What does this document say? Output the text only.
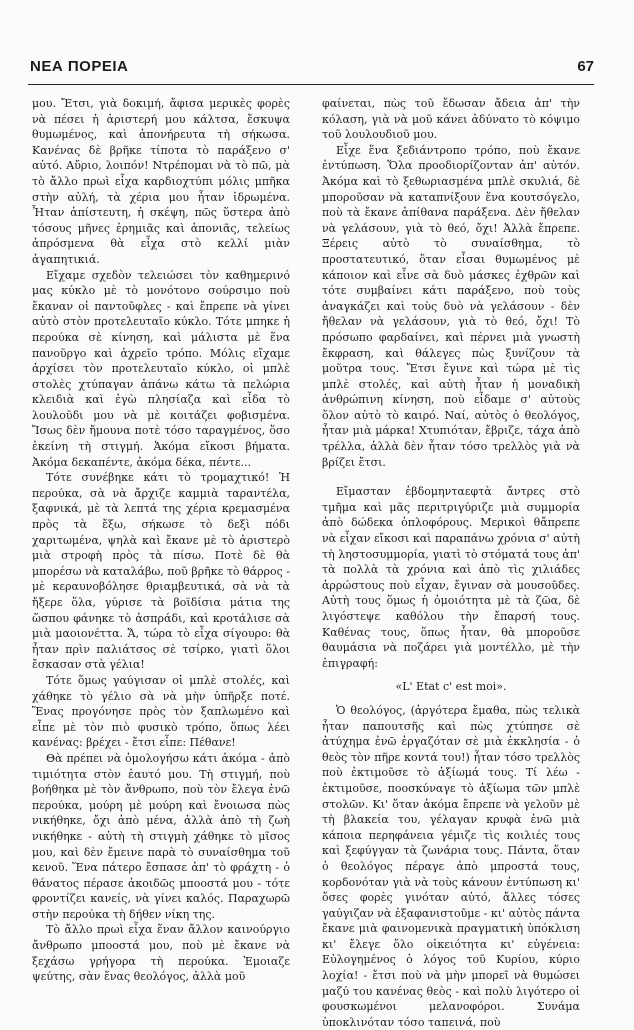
ΝΕΑ ΠΟΡΕΙΑ	67

μου. Ἔτσι, γιὰ δοκιμή, ἄφισα μερικὲς φορὲς νὰ πέσει ἡ ἀριστερή μου κάλτσα, ἔσκυψα θυμωμένος, καὶ ἀπονήρευτα τὴ σήκωσα. Κανένας δὲ βρῆκε τίποτα τὸ παράξενο σ' αὐτό. Αὔριο, λοιπόν! Ντρέπομαι νὰ τὸ πῶ, μὰ τὸ ἄλλο πρωὶ εἶχα καρδιοχτύπι μόλις μπῆκα στὴν αὐλή, τὰ χέρια μου ἦταν ἱδρωμένα. Ἦταν ἀπίστευτη, ἡ σκέψη, πῶς ὕστερα ἀπὸ τόσους μῆνες ἐρημιᾶς καὶ ἀπονιᾶς, τελείως ἀπρόσμενα θὰ εἶχα στὸ κελλί μιὰν ἀγαπητικιά.

Εἴχαμε σχεδὸν τελειώσει τὸν καθημερινό μας κύκλο μὲ τὸ μονότονο σούρσιμο ποὺ ἔκαναν οἱ παντοῦφλες - καὶ ἔπρεπε νὰ γίνει αὐτὸ στὸν προτελευταῖο κύκλο. Τότε μπηκε ἡ περούκα σὲ κίνηση, καὶ μάλιστα μὲ ἕνα πανοῦργο καὶ ἀχρεῖο τρόπο. Μόλις εἴχαμε ἀρχίσει τὸν προτελευταῖο κύκλο, οἱ μπλὲ στολὲς χτύπαγαν ἀπάνω κάτω τὰ πελώρια κλειδιὰ καὶ ἐγὼ πλησίαζα καὶ εἶδα τὸ λουλοῦδι μου νὰ μὲ κοιτάζει φοβισμένα. Ἴσως δὲν ἤμουνα ποτὲ τόσο ταραγμένος, ὅσο ἐκείνη τὴ στιγμή. Ἀκόμα εἴκοσι βήματα. Ἀκόμα δεκαπέντε, ἀκόμα δέκα, πέντε...

Τότε συνέβηκε κάτι τὸ τρομαχτικό! Ἡ περούκα, σὰ νὰ ἄρχιζε καμμιὰ ταραντέλα, ξαφνικά, μὲ τὰ λεπτά της χέρια κρεμασμένα πρὸς τὰ ἔξω, σήκωσε τὸ δεξὶ πόδι χαριτωμένα, ψηλὰ καὶ ἔκανε μὲ τὸ ἀριστερὸ μιὰ στροφὴ πρὸς τὰ πίσω. Ποτὲ δὲ θὰ μπορέσω νὰ καταλάβω, ποῦ βρῆκε τὸ θάρρος - μὲ κεραυνοβόλησε θριαμβευτικά, σὰ νὰ τὰ ἤξερε ὅλα, γύρισε τὰ βοϊδίσια μάτια της ὥσπου φάνηκε τὸ ἀσπράδι, καὶ κροτάλισε σὰ μιὰ μαοιονέττα. Ἄ, τώρα τὸ εἶχα σίγουρο: θὰ ἦταν πρὶν παλιάτσος σὲ τσίρκο, γιατὶ ὅλοι ἔσκασαν στὰ γέλια!

Τότε ὅμως γαύγισαν οἱ μπλὲ στολές, καὶ χάθηκε τὸ γέλιο σὰ νὰ μὴν ὑπῆρξε ποτέ. Ἕνας προγόνησε πρὸς τὸν ξαπλωμένο καὶ εἶπε μὲ τὸν πιὸ φυσικὸ τρόπο, ὅπως λέει κανένας: βρέχει - ἔτσι εἶπε: Πέθανε!

Θὰ πρέπει νὰ ὁμολογήσω κάτι ἀκόμα - ἀπὸ τιμιότητα στὸν ἑαυτό μου. Τὴ στιγμή, ποὺ βοήθηκα μὲ τὸν ἄνθρωπο, ποὺ τὸν ἔλεγα ἐνῶ περούκα, μούρη μὲ μούρη καὶ ἔνοιωσα πὼς νικήθηκε, ὄχι ἀπὸ μένα, ἀλλὰ ἀπὸ τὴ ζωὴ νικήθηκε - αὐτὴ τὴ στιγμὴ χάθηκε τὸ μῖσος μου, καὶ δὲν ἔμεινε παρὰ τὸ συναίσθημα τοῦ κενοῦ. Ἕνα πάτερο ἔσπασε ἀπ' τὸ φράχτη - ὁ θάνατος πέρασε ἀκοιδῶς μποοστά μου - τότε φροντίζει κανείς, νὰ γίνει καλός. Παραχωρῶ στὴν περούκα τὴ δήθεν νίκη της.

Τὸ ἄλλο πρωὶ εἶχα ἕναν ἄλλον καινούργιο ἄνθρωπο μποοστά μου, ποὺ μὲ ἔκανε νὰ ξεχάσω γρήγορα τὴ περούκα. Ἐμοιαζε ψεύτης, σὰν ἕνας θεολόγος, ἀλλὰ μοῦ

φαίνεται, πὼς τοῦ ἔδωσαν ἄδεια ἀπ' τὴν κόλαση, γιὰ νὰ μοῦ κάνει ἀδύνατο τὸ κόψιμο τοῦ λουλουδιοῦ μου.

Εἶχε ἕνα ξεδιάντροπο τρόπο, ποὺ ἔκανε ἐντύπωση. Ὅλα προοδιορίζονταν ἀπ' αὐτόν. Ἀκόμα καὶ τὸ ξεθωριασμένα μπλὲ σκυλιά, δὲ μποροῦσαν νὰ καταπνίξουν ἕνα κουτσόγελο, ποὺ τὰ ἔκανε ἀπίθανα παράξενα. Δὲν ἤθελαν νὰ γελάσουν, γιὰ τὸ θεό, ὄχι! Ἀλλὰ ἔπρεπε. Ξέρεις αὐτὸ τὸ συναίσθημα, τὸ προστατευτικό, ὅταν εἶσαι θυμωμένος μὲ κάποιον καὶ εἶνε σὰ δυὸ μάσκες ἐχθρῶν καὶ τότε συμβαίνει κάτι παράξενο, ποὺ τοὺς ἀναγκάζει καὶ τοὺς δυὸ νὰ γελάσουν - δὲν ἤθελαν νὰ γελάσουν, γιὰ τὸ θεό, ὄχι! Τὸ πρόσωπο φαρδαίνει, καὶ πέρνει μιὰ γνωστὴ ἔκφραση, καὶ θάλεγες πὼς ξυνίζουν τὰ μοῦτρα τους. Ἔτσι ἔγινε καὶ τώρα μὲ τὶς μπλὲ στολές, καὶ αὐτὴ ἦταν ἡ μοναδικὴ ἀνθρώπινη κίνηση, ποὺ εἶδαμε σ' αὐτοὺς ὅλον αὐτὸ τὸ καιρό. Ναί, αὐτὸς ὁ θεολόγος, ἦταν μιὰ μάρκα! Χτυπιόταν, ἔβριζε, τάχα ἀπὸ τρέλλα, ἀλλὰ δὲν ἦταν τόσο τρελλὸς γιὰ νὰ βρίζει ἔτσι.

Εἴμασταν ἑβδομηνταεφτὰ ἄντρες στὸ τμῆμα καὶ μᾶς περιτριγύριζε μιὰ συμμορία ἀπὸ δώδεκα ὁπλοφόρους. Μερικοὶ θἄπρεπε νὰ εἶχαν εἴκοσι καὶ παραπάνω χρόνια σ' αὐτὴ τὴ ληστοσυμμορία, γιατὶ τὸ στόματά τους ἀπ' τὰ πολλὰ τὰ χρόνια καὶ ἀπὸ τὶς χιλιάδες ἀρρώστους ποὺ εἶχαν, ἔγιναν σὰ μουσοῦδες. Αὐτὴ τους ὅμως ἡ ὁμοιότητα μὲ τὰ ζῶα, δὲ λιγόστεψε καθόλου τὴν ἔπαρσή τους. Καθένας τους, ὅπως ἦταν, θὰ μποροῦσε θαυμάσια νὰ ποζάρει γιὰ μοντέλλο, μὲ τὴν ἐπιγραφή:

«L' Etat c' est moi».

Ὁ θεολόγος, (ἀργότερα ἔμαθα, πὼς τελικὰ ἦταν παπουτσῆς καὶ πὼς χτύπησε σὲ ἀτύχημα ἐνῶ ἐργαζόταν σὲ μιὰ ἐκκλησία - ὁ θεὸς τὸν πῆρε κοντά του!) ἦταν τόσο τρελλὸς ποὺ ἐκτιμοῦσε τὸ ἀξίωμά τους. Τί λέω - ἐκτιμοῦσε, ποοσκύναγε τὸ ἀξίωμα τῶν μπλὲ στολῶν. Κι' ὅταν ἀκόμα ἔπρεπε νὰ γελοῦν μὲ τὴ βλακεία του, γέλαγαν κρυφὰ ἐνῶ μιὰ κάποια περηφάνεια γέμιζε τὶς κοιλιές τους καὶ ξεφύγγαν τὰ ζωνάρια τους. Πάντα, ὅταν ὁ θεολόγος πέραγε ἀπὸ μπροστά τους, κορδονόταν γιὰ νὰ τοὺς κάνουν ἐντύπωση κι' ὅσες φορὲς γινόταν αὐτό, ἄλλες τόσες γαύγιζαν νὰ ἐξαφανιστοῦμε - κι' αὐτὸς πάντα ἔκανε μιὰ φαινομενικὰ πραγματικὴ ὑπόκλιση κι' ἔλεγε ὅλο οἰκειότητα κι' εὐγένεια: Εὐλογημένος ὁ λόγος τοῦ Κυρίου, κύριο λοχία! - ἔτσι ποὺ νὰ μὴν μπορεῖ νὰ θυμώσει μαζύ του κανένας θεὸς - καὶ πολὺ λιγότερο οἱ φουσκωμένοι μελανοφόροι. Συνάμα ὑποκλινόταν τόσο ταπεινά, ποὺ
